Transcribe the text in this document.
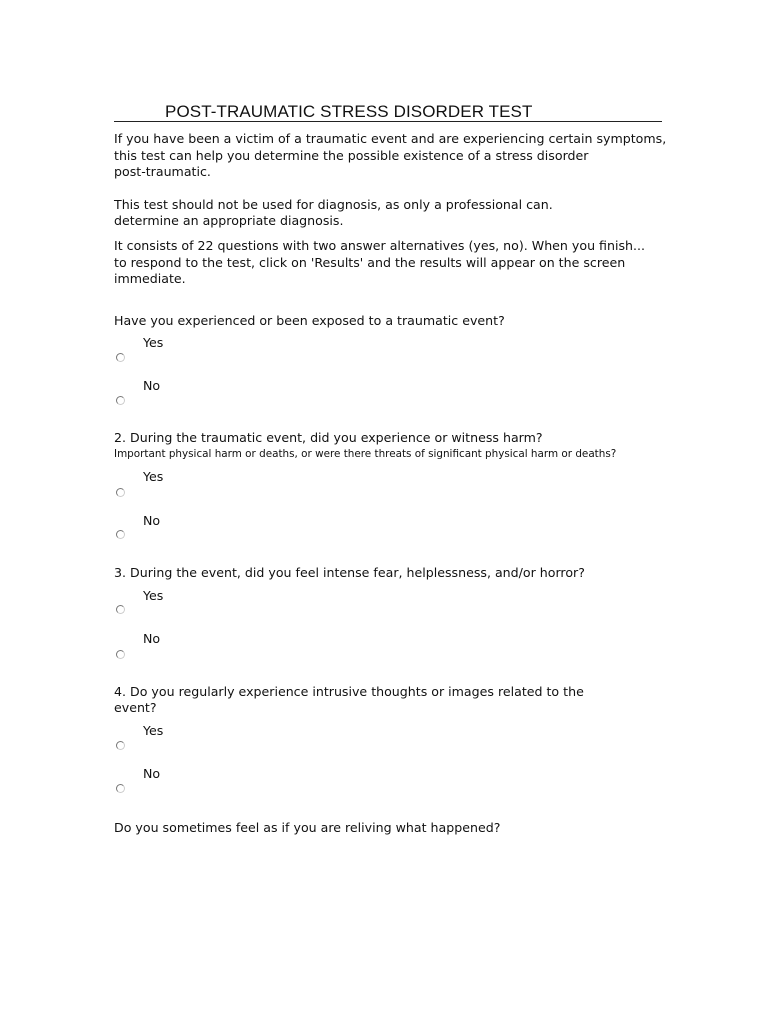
POST-TRAUMATIC STRESS DISORDER TEST
If you have been a victim of a traumatic event and are experiencing certain symptoms,
this test can help you determine the possible existence of a stress disorder
post-traumatic.
This test should not be used for diagnosis, as only a professional can.
determine an appropriate diagnosis.
It consists of 22 questions with two answer alternatives (yes, no). When you finish...
to respond to the test, click on 'Results' and the results will appear on the screen
immediate.
Have you experienced or been exposed to a traumatic event?
Yes
No
2. During the traumatic event, did you experience or witness harm?
Important physical harm or deaths, or were there threats of significant physical harm or deaths?
Yes
No
3. During the event, did you feel intense fear, helplessness, and/or horror?
Yes
No
4. Do you regularly experience intrusive thoughts or images related to the
event?
Yes
No
Do you sometimes feel as if you are reliving what happened?
